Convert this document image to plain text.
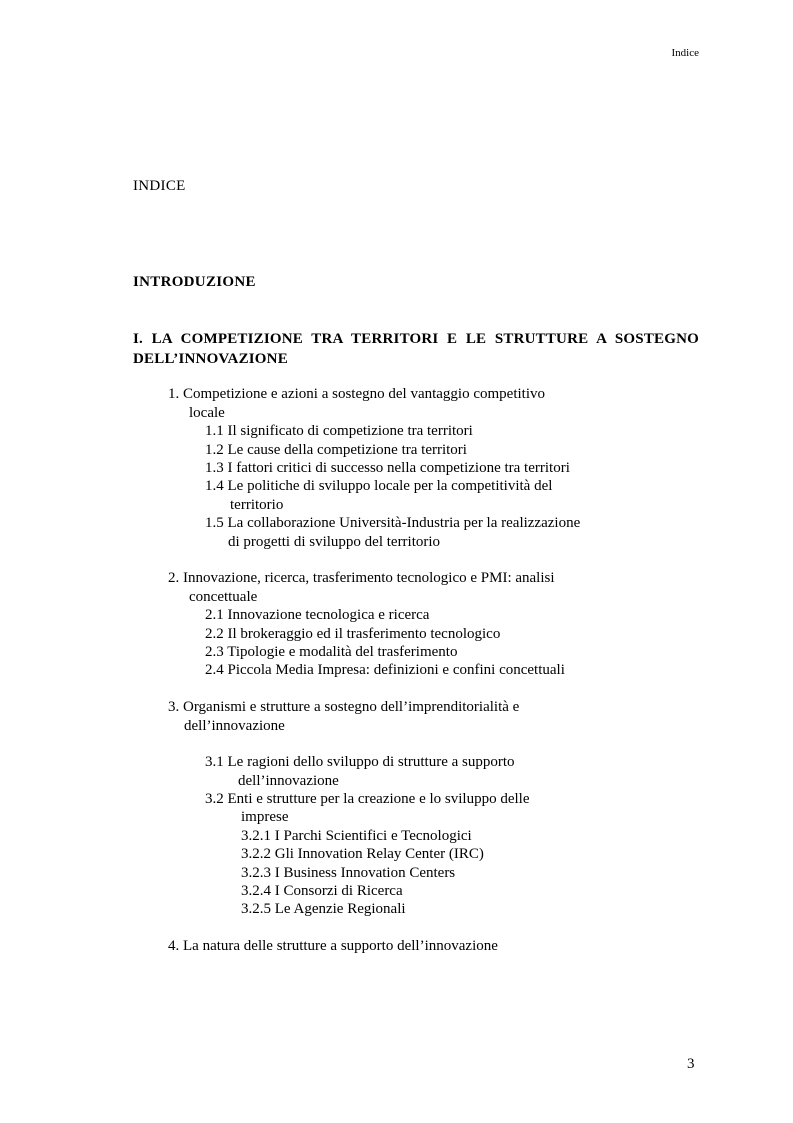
Indice
INDICE
INTRODUZIONE
I. LA COMPETIZIONE TRA TERRITORI E LE STRUTTURE A SOSTEGNO DELL’INNOVAZIONE
1. Competizione e azioni a sostegno del vantaggio competitivo
locale
1.1 Il significato di competizione tra territori
1.2 Le cause della competizione tra territori
1.3 I fattori critici di successo nella competizione tra territori
1.4 Le politiche di sviluppo locale per la competitività del
territorio
1.5 La collaborazione Università-Industria per la realizzazione
di progetti di sviluppo del territorio
2. Innovazione, ricerca, trasferimento tecnologico e PMI: analisi
concettuale
2.1 Innovazione tecnologica e ricerca
2.2 Il brokeraggio ed il trasferimento tecnologico
2.3 Tipologie e modalità del trasferimento
2.4 Piccola Media Impresa: definizioni e confini concettuali
3. Organismi e strutture a sostegno dell’imprenditorialità e
dell’innovazione
3.1 Le ragioni dello sviluppo di strutture a supporto
dell’innovazione
3.2 Enti e strutture per la creazione e lo sviluppo delle
imprese
3.2.1 I Parchi Scientifici e Tecnologici
3.2.2 Gli Innovation Relay Center (IRC)
3.2.3 I Business Innovation Centers
3.2.4 I Consorzi di Ricerca
3.2.5 Le Agenzie Regionali
4. La natura delle strutture a supporto dell’innovazione
3
